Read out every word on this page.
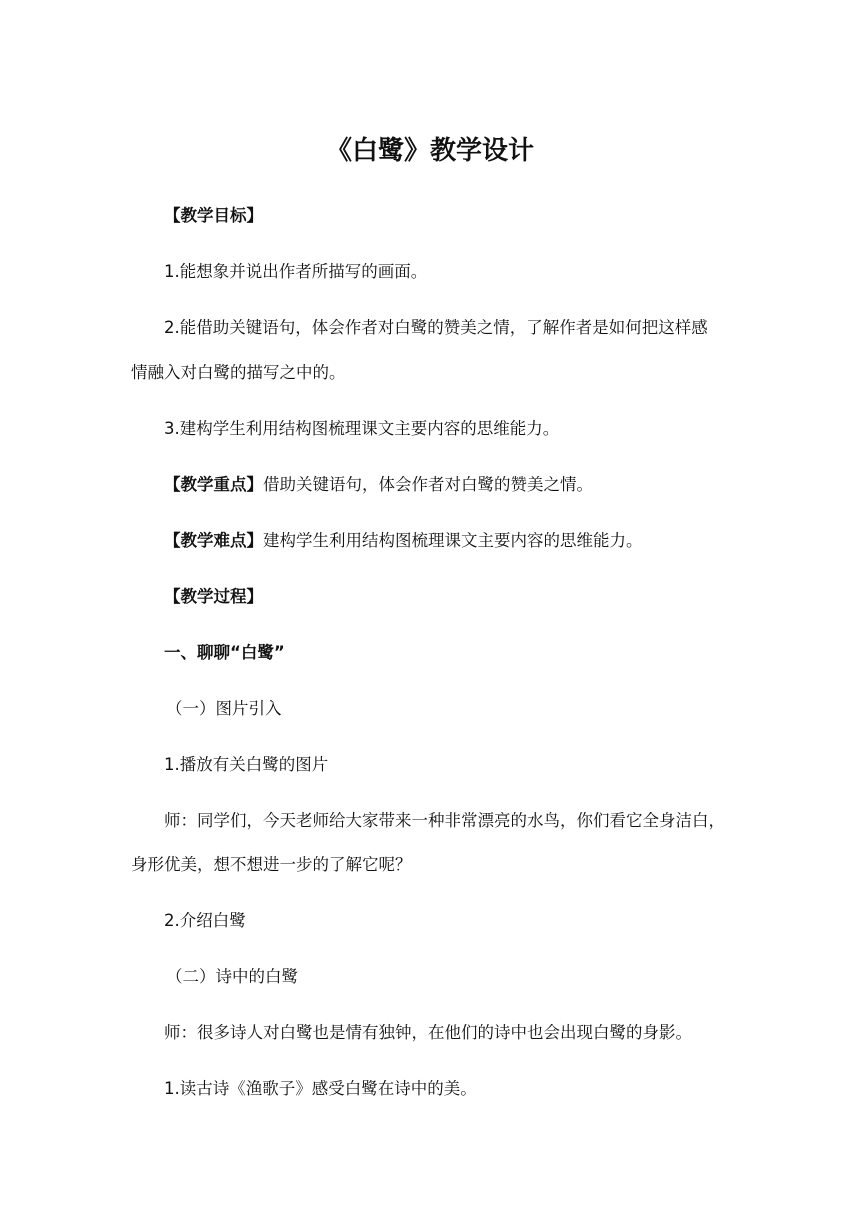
《白鹭》教学设计

【教学目标】

1.能想象并说出作者所描写的画面。

2.能借助关键语句，体会作者对白鹭的赞美之情，了解作者是如何把这样感

情融入对白鹭的描写之中的。

3.建构学生利用结构图梳理课文主要内容的思维能力。

【教学重点】借助关键语句，体会作者对白鹭的赞美之情。

【教学难点】建构学生利用结构图梳理课文主要内容的思维能力。

【教学过程】

一、聊聊“白鹭”

（一）图片引入

1.播放有关白鹭的图片

师：同学们，今天老师给大家带来一种非常漂亮的水鸟，你们看它全身洁白，

身形优美，想不想进一步的了解它呢？

2.介绍白鹭

（二）诗中的白鹭

师：很多诗人对白鹭也是情有独钟，在他们的诗中也会出现白鹭的身影。

1.读古诗《渔歌子》感受白鹭在诗中的美。
